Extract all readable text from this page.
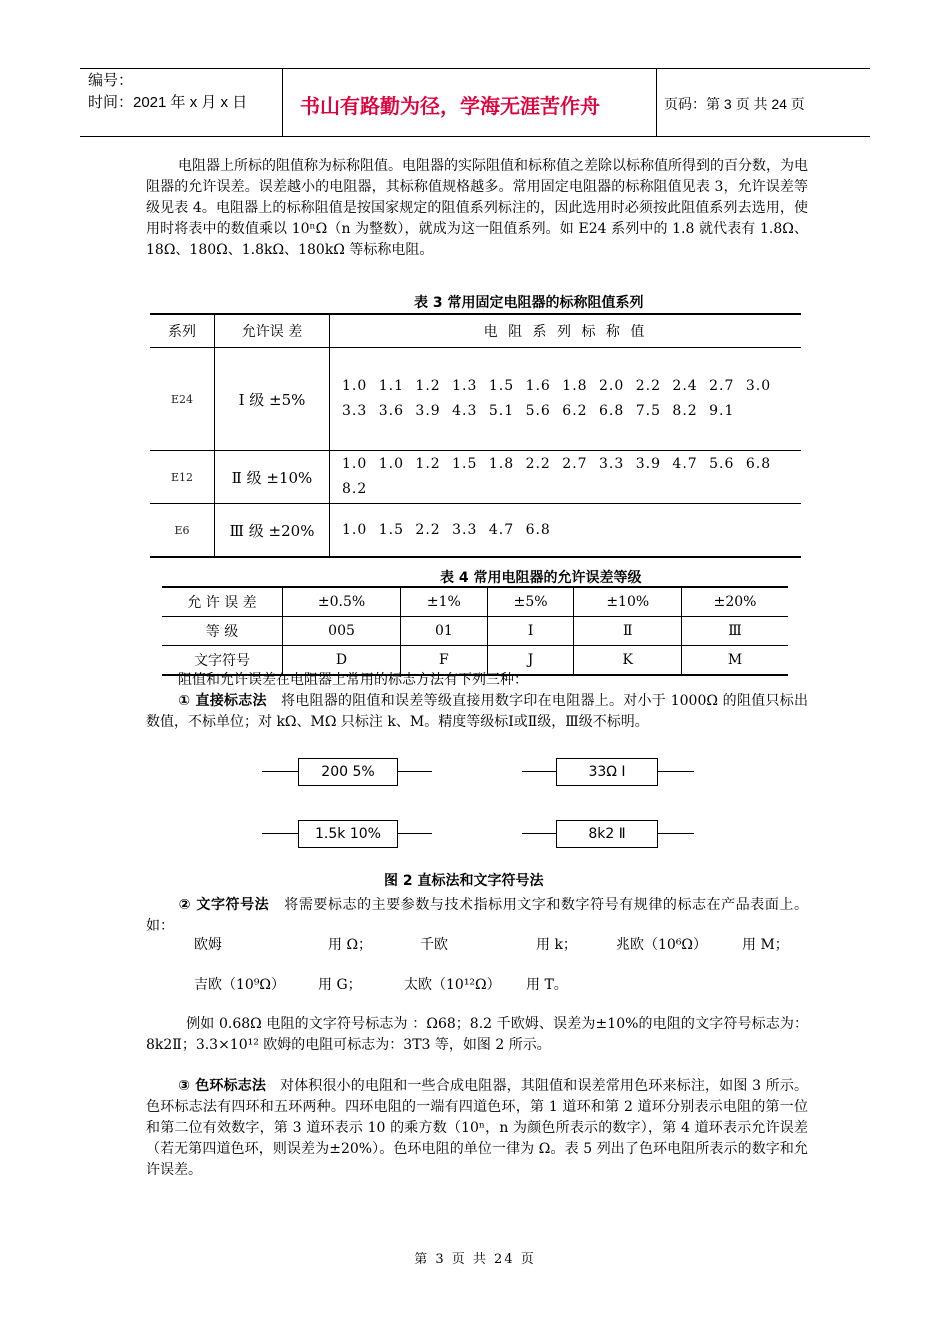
编号：
时间：2021 年 x 月 x 日	书山有路勤为径，学海无涯苦作舟	页码：第 3 页 共 24 页
电阻器上所标的阻值称为标称阻值。电阻器的实际阻值和标称值之差除以标称值所得到的百分数，为电阻器的允许误差。误差越小的电阻器，其标称值规格越多。常用固定电阻器的标称阻值见表 3，允许误差等级见表 4。电阻器上的标称阻值是按国家规定的阻值系列标注的，因此选用时必须按此阻值系列去选用，使用时将表中的数值乘以 10ⁿΩ（n 为整数），就成为这一阻值系列。如 E24 系列中的 1.8 就代表有 1.8Ω、18Ω、180Ω、1.8kΩ、180kΩ 等标称电阻。
表 3 常用固定电阻器的标称阻值系列
系列	允许误 差	电 阻 系 列 标 称 值
E24	Ⅰ 级 ±5%	1.0 1.1 1.2 1.3 1.5 1.6 1.8 2.0 2.2 2.4 2.7 3.0 3.3 3.6 3.9 4.3 5.1 5.6 6.2 6.8 7.5 8.2 9.1
E12	Ⅱ 级 ±10%	1.0 1.0 1.2 1.5 1.8 2.2 2.7 3.3 3.9 4.7 5.6 6.8 8.2
E6	Ⅲ 级 ±20%	1.0 1.5 2.2 3.3 4.7 6.8
表 4 常用电阻器的允许误差等级
允 许 误 差	±0.5%	±1%	±5%	±10%	±20%
等 级	005	01	Ⅰ	Ⅱ	Ⅲ
文字符号	D	F	J	K	M
阻值和允许误差在电阻器上常用的标志方法有下列三种：
① 直接标志法 将电阻器的阻值和误差等级直接用数字印在电阻器上。对小于 1000Ω 的阻值只标出数值，不标单位；对 kΩ、MΩ 只标注 k、M。精度等级标Ⅰ或Ⅱ级，Ⅲ级不标明。
200 5%	33Ω Ⅰ
1.5k 10%	8k2 Ⅱ
图 2 直标法和文字符号法
② 文字符号法 将需要标志的主要参数与技术指标用文字和数字符号有规律的标志在产品表面上。如：
欧姆	用 Ω；	千欧	用 k；	兆欧（10⁶Ω） 用 M；
吉欧（10⁹Ω） 用 G；	太欧（10¹²Ω） 用 T。
例如 0.68Ω 电阻的文字符号标志为 ：Ω68；8.2 千欧姆、误差为±10%的电阻的文字符号标志为：8k2Ⅱ；3.3×10¹² 欧姆的电阻可标志为：3T3 等，如图 2 所示。
③ 色环标志法 对体积很小的电阻和一些合成电阻器，其阻值和误差常用色环来标注，如图 3 所示。色环标志法有四环和五环两种。四环电阻的一端有四道色环，第 1 道环和第 2 道环分别表示电阻的第一位和第二位有效数字，第 3 道环表示 10 的乘方数（10ⁿ，n 为颜色所表示的数字），第 4 道环表示允许误差（若无第四道色环，则误差为±20%）。色环电阻的单位一律为 Ω。表 5 列出了色环电阻所表示的数字和允许误差。
第 3 页 共 24 页
